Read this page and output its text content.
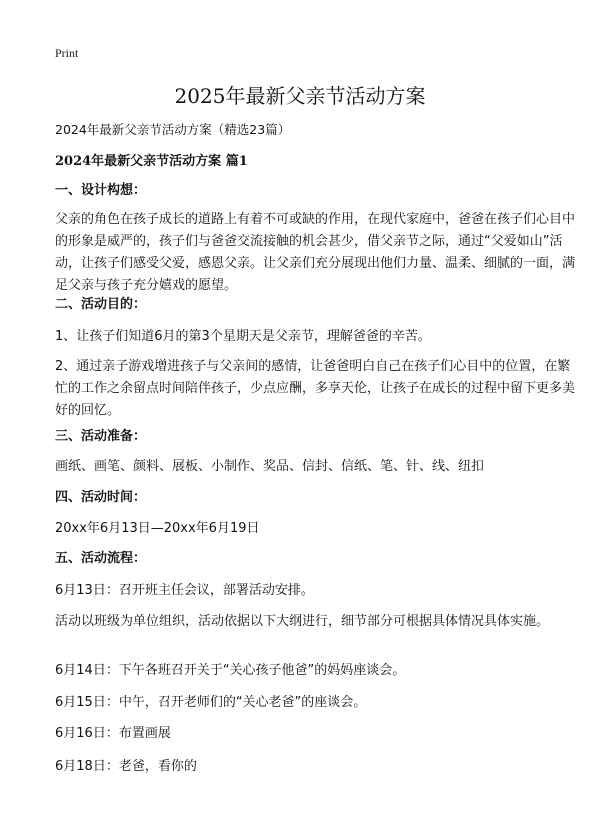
Print
2025年最新父亲节活动方案
2024年最新父亲节活动方案（精选23篇）
2024年最新父亲节活动方案 篇1
一、设计构想：
父亲的角色在孩子成长的道路上有着不可或缺的作用，在现代家庭中，爸爸在孩子们心目中的形象是威严的，孩子们与爸爸交流接触的机会甚少，借父亲节之际，通过“父爱如山”活动，让孩子们感受父爱，感恩父亲。让父亲们充分展现出他们力量、温柔、细腻的一面，满足父亲与孩子充分嬉戏的愿望。
二、活动目的：
1、让孩子们知道6月的第3个星期天是父亲节，理解爸爸的辛苦。
2、通过亲子游戏增进孩子与父亲间的感情，让爸爸明白自己在孩子们心目中的位置，在繁忙的工作之余留点时间陪伴孩子，少点应酬，多享天伦，让孩子在成长的过程中留下更多美好的回忆。
三、活动准备：
画纸、画笔、颜料、展板、小制作、奖品、信封、信纸、笔、针、线、纽扣
四、活动时间：
20xx年6月13日—20xx年6月19日
五、活动流程：
6月13日：召开班主任会议，部署活动安排。
活动以班级为单位组织，活动依据以下大纲进行，细节部分可根据具体情况具体实施。
6月14日：下午各班召开关于“关心孩子他爸”的妈妈座谈会。
6月15日：中午，召开老师们的“关心老爸”的座谈会。
6月16日：布置画展
6月18日：老爸，看你的
